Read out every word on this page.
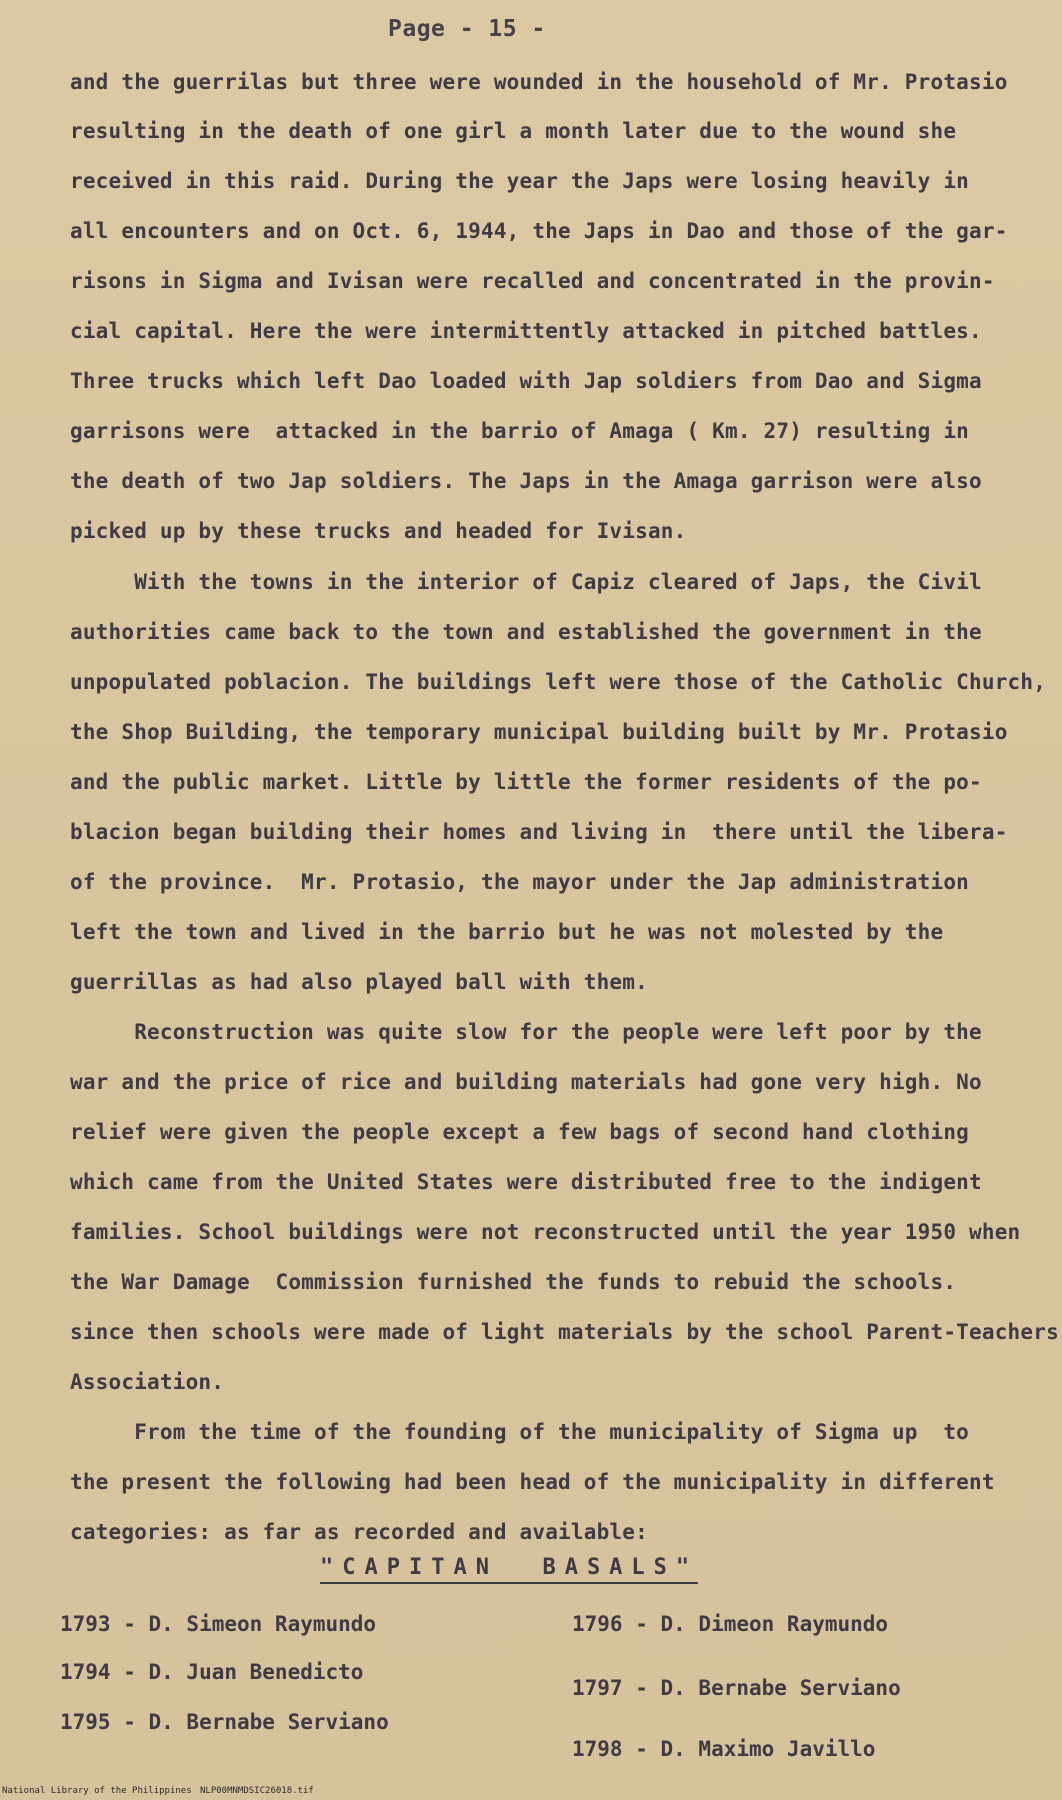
Page - 15 -
and the guerrilas but three were wounded in the household of Mr. Protasio
resulting in the death of one girl a month later due to the wound she
received in this raid. During the year the Japs were losing heavily in
all encounters and on Oct. 6, 1944, the Japs in Dao and those of the gar-
risons in Sigma and Ivisan were recalled and concentrated in the provin-
cial capital. Here the were intermittently attacked in pitched battles.
Three trucks which left Dao loaded with Jap soldiers from Dao and Sigma
garrisons were  attacked in the barrio of Amaga ( Km. 27) resulting in
the death of two Jap soldiers. The Japs in the Amaga garrison were also
picked up by these trucks and headed for Ivisan.
With the towns in the interior of Capiz cleared of Japs, the Civil
authorities came back to the town and established the government in the
unpopulated poblacion. The buildings left were those of the Catholic Church,
the Shop Building, the temporary municipal building built by Mr. Protasio
and the public market. Little by little the former residents of the po-
blacion began building their homes and living in  there until the libera-
of the province.  Mr. Protasio, the mayor under the Jap administration
left the town and lived in the barrio but he was not molested by the
guerrillas as had also played ball with them.
Reconstruction was quite slow for the people were left poor by the
war and the price of rice and building materials had gone very high. No
relief were given the people except a few bags of second hand clothing
which came from the United States were distributed free to the indigent
families. School buildings were not reconstructed until the year 1950 when
the War Damage  Commission furnished the funds to rebuid the schools.
since then schools were made of light materials by the school Parent-Teachers
Association.
From the time of the founding of the municipality of Sigma up  to
the present the following had been head of the municipality in different
categories: as far as recorded and available:
"CAPITAN  BASALS"
1793 - D. Simeon Raymundo
1794 - D. Juan Benedicto
1795 - D. Bernabe Serviano
1796 - D. Dimeon Raymundo
1797 - D. Bernabe Serviano
1798 - D. Maximo Javillo
National Library of the Philippines NLP00MNMDSIC26018.tif
